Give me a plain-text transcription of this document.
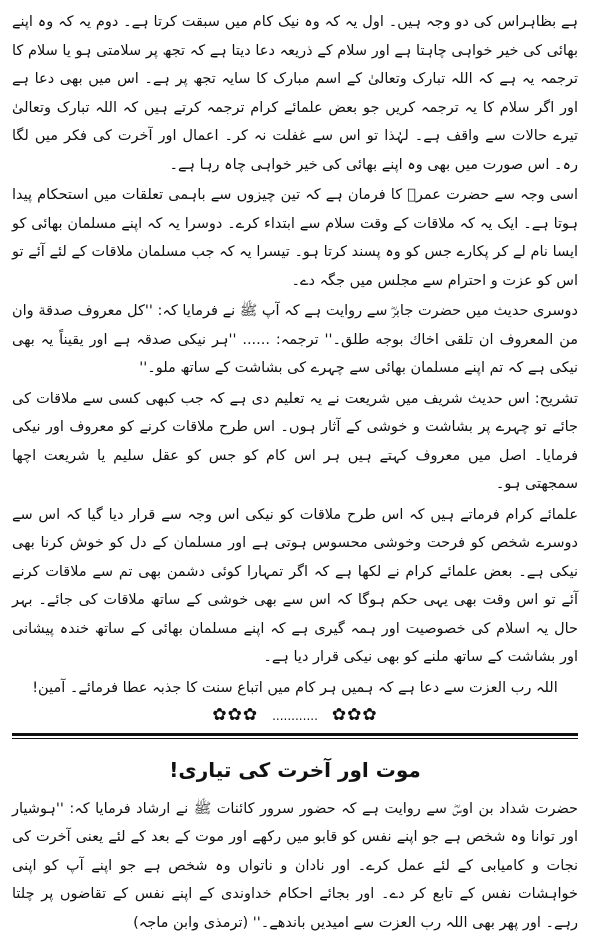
ہے بظاہراس کی دو وجہ ہیں۔ اول یہ کہ وہ نیک کام میں سبقت کرتا ہے۔ دوم یہ کہ وہ اپنے بھائی کی خیر خواہی چاہتا ہے اور سلام کے ذریعہ دعا دیتا ہے کہ تجھ پر سلامتی ہو یا سلام کا ترجمہ یہ ہے کہ اللہ تبارک وتعالیٰ کے اسم مبارک کا سایہ تجھ پر ہے۔ اس میں بھی دعا ہے اور اگر سلام کا یہ ترجمہ کریں جو بعض علمائے کرام ترجمہ کرتے ہیں کہ اللہ تبارک وتعالیٰ تیرے حالات سے واقف ہے۔ لہٰذا تو اس سے غفلت نہ کر۔ اعمال اور آخرت کی فکر میں لگا رہ۔ اس صورت میں بھی وہ اپنے بھائی کی خیر خواہی چاہ رہا ہے۔

اسی وجہ سے حضرت عمرؓ کا فرمان ہے کہ تین چیزوں سے باہمی تعلقات میں استحکام پیدا ہوتا ہے۔ ایک یہ کہ ملاقات کے وقت سلام سے ابتداء کرے۔ دوسرا یہ کہ اپنے مسلمان بھائی کو ایسا نام لے کر پکارے جس کو وہ پسند کرتا ہو۔ تیسرا یہ کہ جب مسلمان ملاقات کے لئے آئے تو اس کو عزت و احترام سے مجلس میں جگہ دے۔

دوسری حدیث میں حضرت جابرؓ سے روایت ہے کہ آپ ﷺ نے فرمایا کہ: ''کل معروف صدقة وان من المعروف ان تلقی اخاك بوجه طلق۔'' ترجمہ: ...... ''ہر نیکی صدقہ ہے اور یقیناً یہ بھی نیکی ہے کہ تم اپنے مسلمان بھائی سے چہرے کی بشاشت کے ساتھ ملو۔''

تشریح: اس حدیث شریف میں شریعت نے یہ تعلیم دی ہے کہ جب کبھی کسی سے ملاقات کی جائے تو چہرے پر بشاشت و خوشی کے آثار ہوں۔ اس طرح ملاقات کرنے کو معروف اور نیکی فرمایا۔ اصل میں معروف کہتے ہیں ہر اس کام کو جس کو عقل سلیم یا شریعت اچھا سمجھتی ہو۔

علمائے کرام فرماتے ہیں کہ اس طرح ملاقات کو نیکی اس وجہ سے قرار دیا گیا کہ اس سے دوسرے شخص کو فرحت وخوشی محسوس ہوتی ہے اور مسلمان کے دل کو خوش کرنا بھی نیکی ہے۔ بعض علمائے کرام نے لکھا ہے کہ اگر تمہارا کوئی دشمن بھی تم سے ملاقات کرنے آئے تو اس وقت بھی یہی حکم ہوگا کہ اس سے بھی خوشی کے ساتھ ملاقات کی جائے۔ بہر حال یہ اسلام کی خصوصیت اور ہمہ گیری ہے کہ اپنے مسلمان بھائی کے ساتھ خندہ پیشانی اور بشاشت کے ساتھ ملنے کو بھی نیکی قرار دیا ہے۔

اللہ رب العزت سے دعا ہے کہ ہمیں ہر کام میں اتباع سنت کا جذبہ عطا فرمائے۔ آمین!

✿✿✿ ............ ✿✿✿
موت اور آخرت کی تیاری!

حضرت شداد بن اوسؓ سے روایت ہے کہ حضور سرور کائنات ﷺ نے ارشاد فرمایا کہ: ''ہوشیار اور توانا وہ شخص ہے جو اپنے نفس کو قابو میں رکھے اور موت کے بعد کے لئے یعنی آخرت کی نجات و کامیابی کے لئے عمل کرے۔ اور نادان و ناتواں وہ شخص ہے جو اپنے آپ کو اپنی خواہشات نفس کے تابع کر دے۔ اور بجائے احکام خداوندی کے اپنے نفس کے تقاضوں پر چلتا رہے۔ اور پھر بھی اللہ رب العزت سے امیدیں باندھے۔'' (ترمذی وابن ماجہ)
